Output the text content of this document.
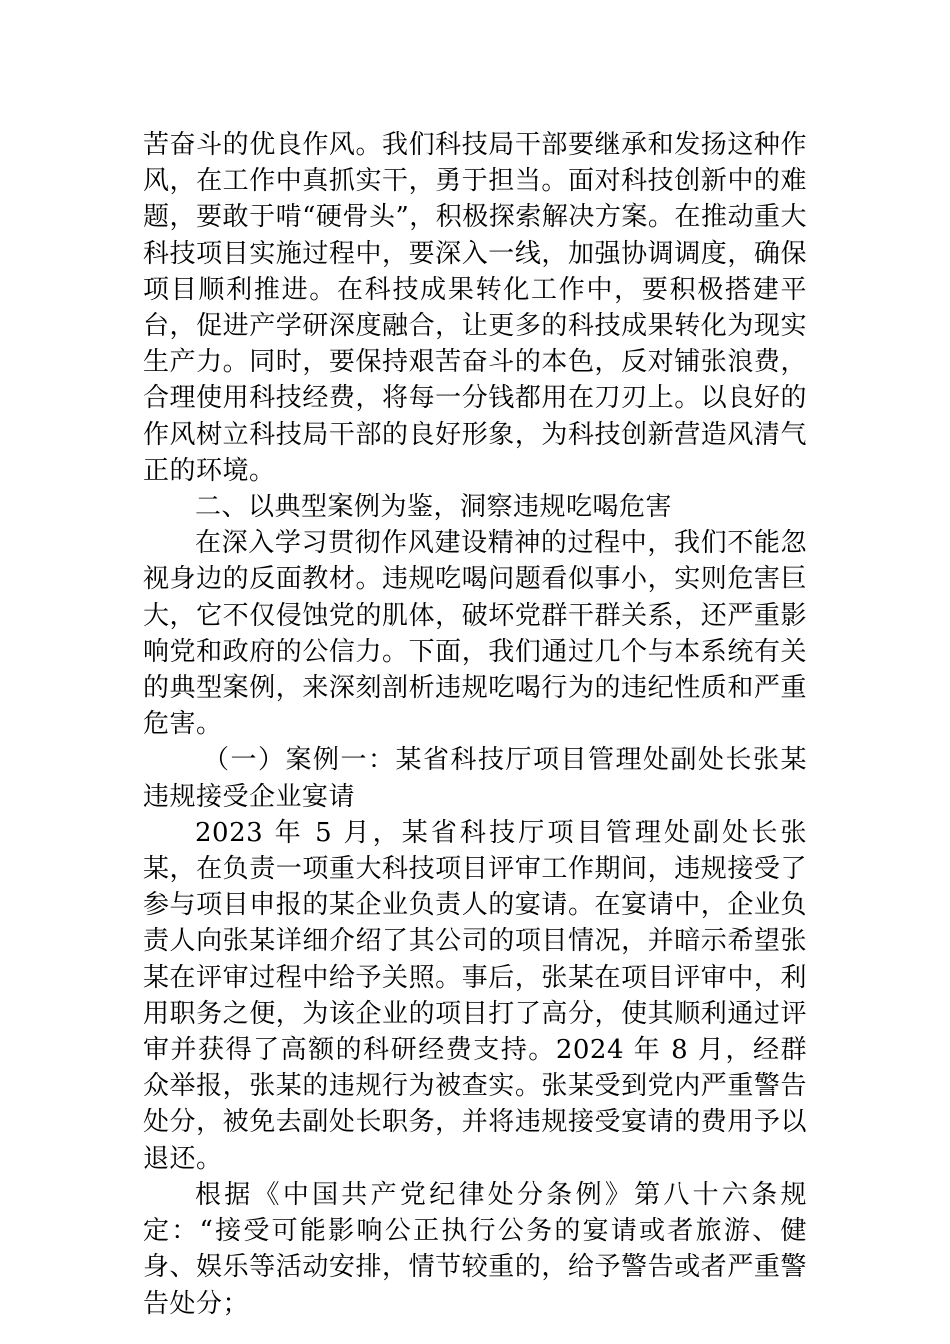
苦奋斗的优良作风。我们科技局干部要继承和发扬这种作风，在工作中真抓实干，勇于担当。面对科技创新中的难题，要敢于啃“硬骨头”，积极探索解决方案。在推动重大科技项目实施过程中，要深入一线，加强协调调度，确保项目顺利推进。在科技成果转化工作中，要积极搭建平台，促进产学研深度融合，让更多的科技成果转化为现实生产力。同时，要保持艰苦奋斗的本色，反对铺张浪费，合理使用科技经费，将每一分钱都用在刀刃上。以良好的作风树立科技局干部的良好形象，为科技创新营造风清气正的环境。

二、以典型案例为鉴，洞察违规吃喝危害

在深入学习贯彻作风建设精神的过程中，我们不能忽视身边的反面教材。违规吃喝问题看似事小，实则危害巨大，它不仅侵蚀党的肌体，破坏党群干群关系，还严重影响党和政府的公信力。下面，我们通过几个与本系统有关的典型案例，来深刻剖析违规吃喝行为的违纪性质和严重危害。

（一）案例一：某省科技厅项目管理处副处长张某违规接受企业宴请

2023 年 5 月，某省科技厅项目管理处副处长张某，在负责一项重大科技项目评审工作期间，违规接受了参与项目申报的某企业负责人的宴请。在宴请中，企业负责人向张某详细介绍了其公司的项目情况，并暗示希望张某在评审过程中给予关照。事后，张某在项目评审中，利用职务之便，为该企业的项目打了高分，使其顺利通过评审并获得了高额的科研经费支持。2024 年 8 月，经群众举报，张某的违规行为被查实。张某受到党内严重警告处分，被免去副处长职务，并将违规接受宴请的费用予以退还。

根据《中国共产党纪律处分条例》第八十六条规定：“接受可能影响公正执行公务的宴请或者旅游、健身、娱乐等活动安排，情节较重的，给予警告或者严重警告处分；
